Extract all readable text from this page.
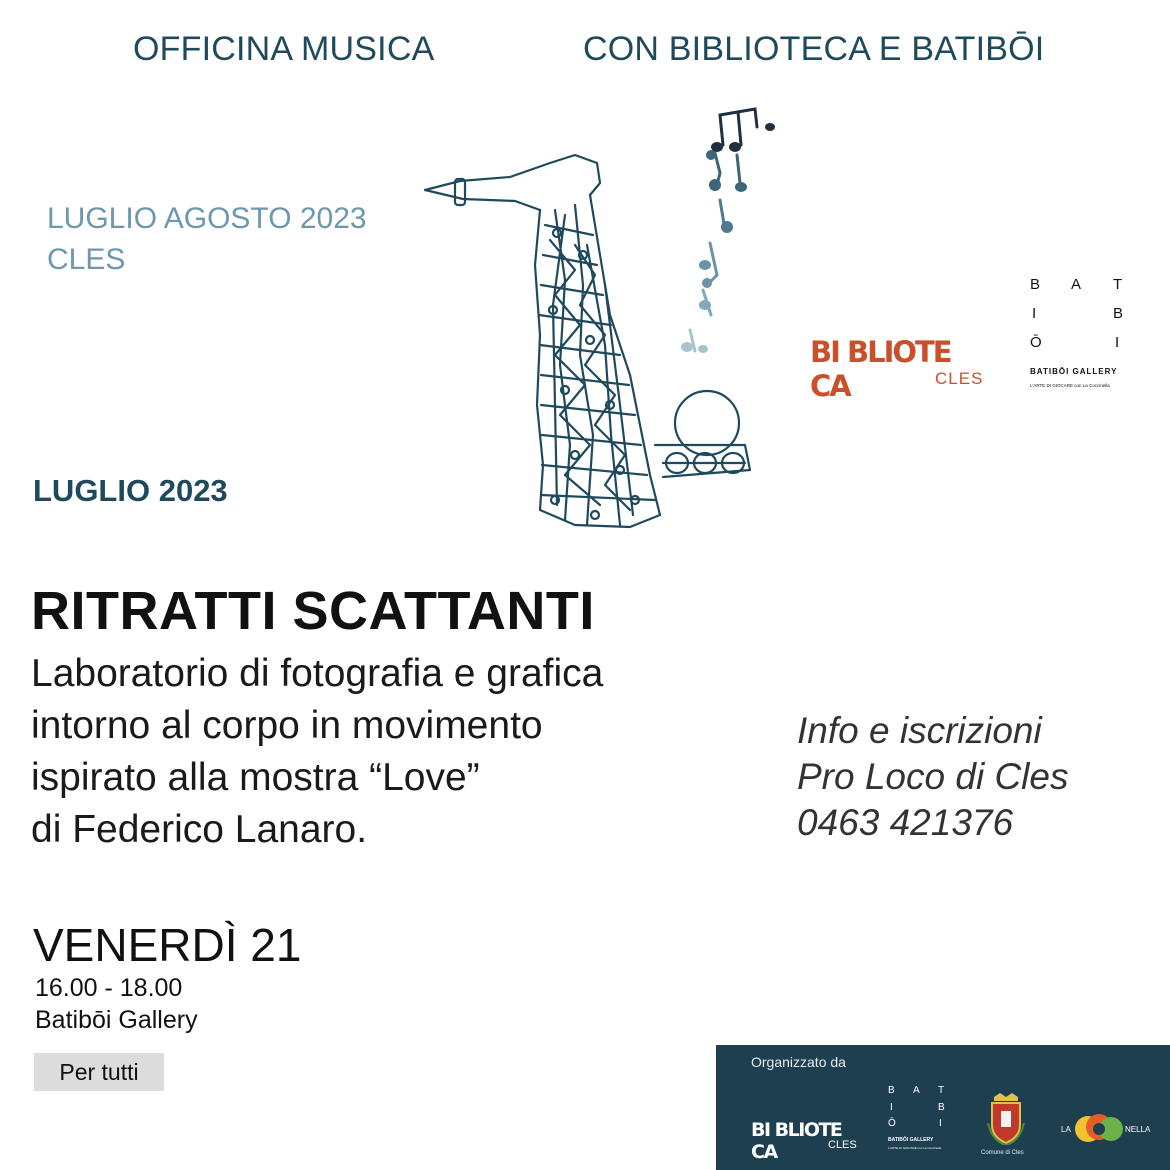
OFFICINA MUSICA	CON BIBLIOTECA E BATIBŌI
LUGLIO AGOSTO 2023
CLES
BI BLIOTE CA	CLES
B A T
I	B
Ō	I
BATIBŌI GALLERY
L'ARTE DI GIOCARE con La Coccinella
LUGLIO 2023
RITRATTI SCATTANTI
Laboratorio di fotografia e grafica
intorno al corpo in movimento
ispirato alla mostra “Love”
di Federico Lanaro.
Info e iscrizioni
Pro Loco di Cles
0463 421376
VENERDÌ 21
16.00 - 18.00
Batibōi Gallery
Per tutti	Organizzato da
BI BLIOTE CA	CLES
B A T
I	B
Ō	I
BATIBŌI GALLERY
L'ARTE DI GIOCARE con La Coccinella
Comune di Cles
LA	NELLA
